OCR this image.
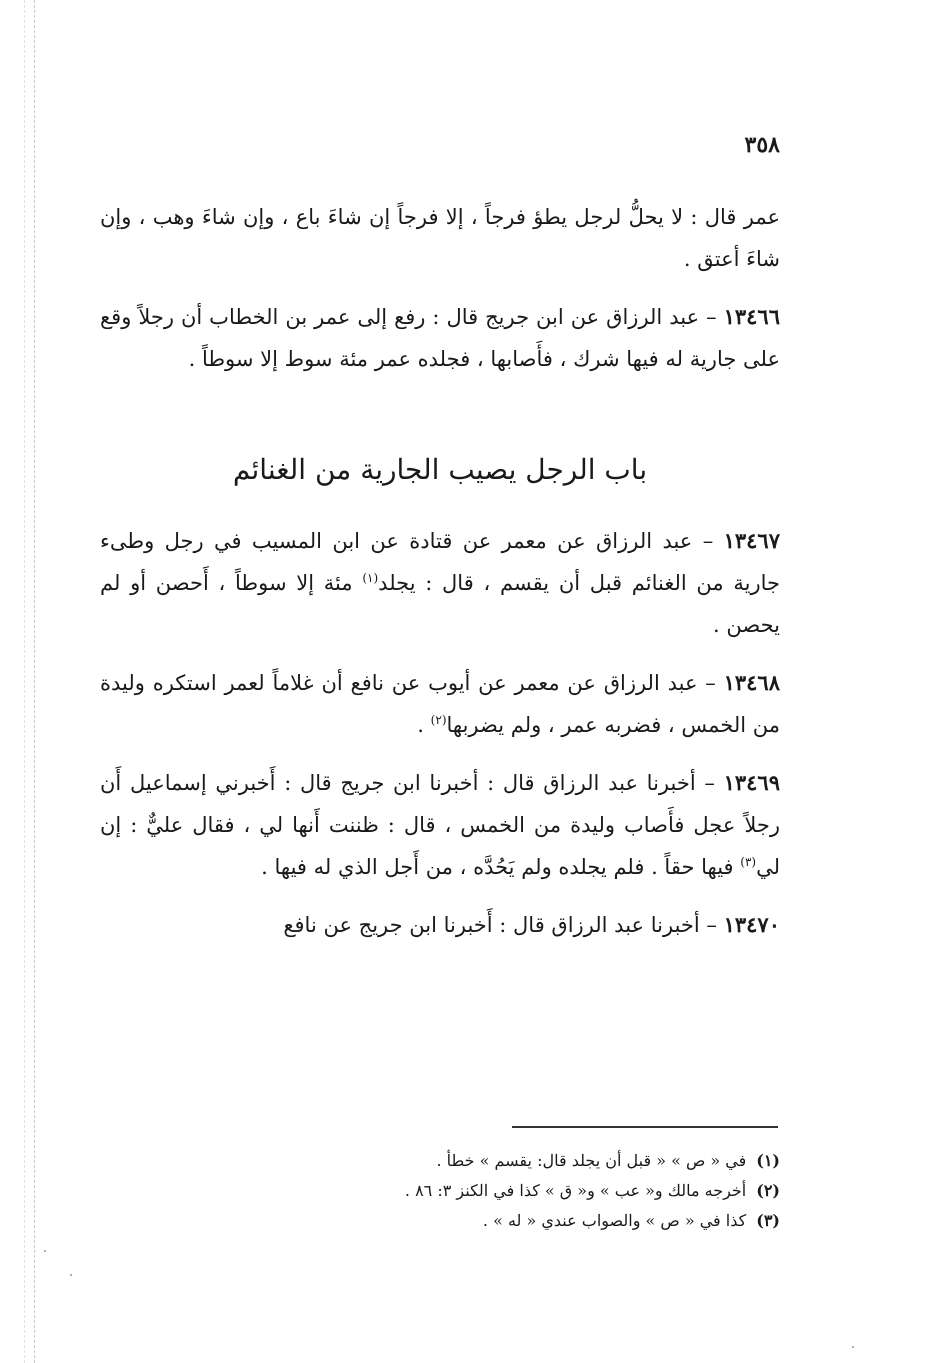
٣٥٨

عمر قال : لا يحلُّ لرجل يطؤ فرجاً ، إلا فرجاً إن شاءَ باع ، وإن شاءَ وهب ، وإن شاءَ أعتق .

١٣٤٦٦ – عبد الرزاق عن ابن جريج قال : رفع إلى عمر بن الخطاب أن رجلاً وقع على جارية له فيها شرك ، فأَصابها ، فجلده عمر مئة سوط إلا سوطاً .

باب الرجل يصيب الجارية من الغنائم

١٣٤٦٧ – عبد الرزاق عن معمر عن قتادة عن ابن المسيب في رجل وطىء جارية من الغنائم قبل أن يقسم ، قال : يجلد$^{(١)}$ مئة إلا سوطاً ، أَحصن أو لم يحصن .

١٣٤٦٨ – عبد الرزاق عن معمر عن أيوب عن نافع أن غلاماً لعمر استكره وليدة من الخمس ، فضربه عمر ، ولم يضربها$^{(٢)}$ .

١٣٤٦٩ – أخبرنا عبد الرزاق قال : أخبرنا ابن جريج قال : أَخبرني إسماعيل أَن رجلاً عجل فأَصاب وليدة من الخمس ، قال : ظننت أَنها لي ، فقال عليٌّ : إن لي$^{(٣)}$ فيها حقاً . فلم يجلده ولم يَحُدَّه ، من أَجل الذي له فيها .

١٣٤٧٠ – أخبرنا عبد الرزاق قال : أَخبرنا ابن جريج عن نافع

(١)
في « ص » « قبل أن يجلد قال: يقسم » خطأ .
(٢)
أخرجه مالك و« عب » و« ق » كذا في الكنز ٣: ٨٦ .
(٣)
كذا في « ص » والصواب عندي « له » .
